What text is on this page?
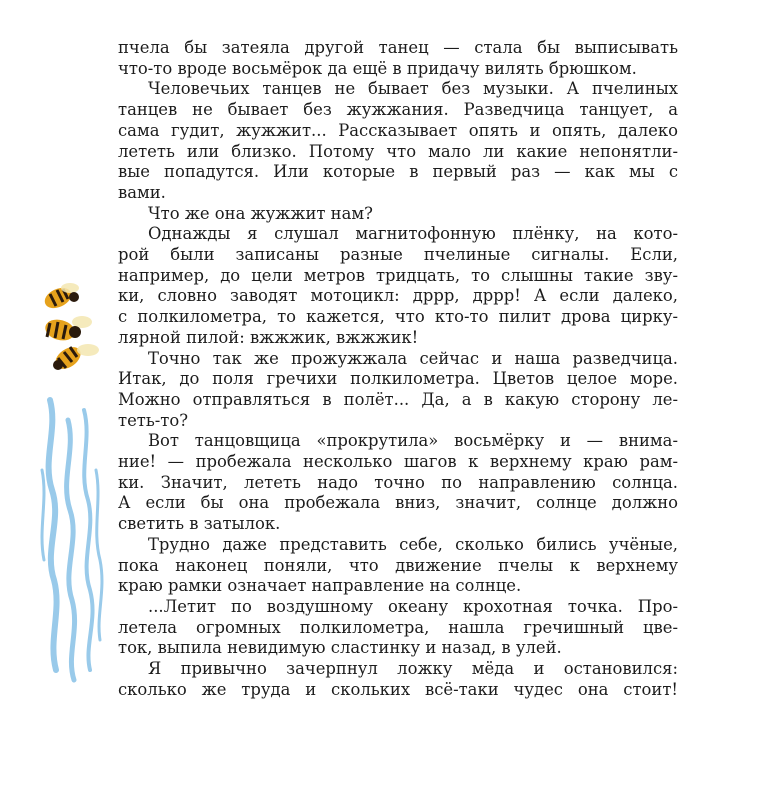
пчела бы затеяла другой танец — стала бы выписывать
что-то вроде восьмёрок да ещё в придачу вилять брюшком.
Человечьих танцев не бывает без музыки. А пчелиных
танцев не бывает без жужжания. Разведчица танцует, а
сама гудит, жужжит... Рассказывает опять и опять, далеко
лететь или близко. Потому что мало ли какие непонятли-
вые попадутся. Или которые в первый раз — как мы с
вами.
Что же она жужжит нам?
Однажды я слушал магнитофонную плёнку, на кото-
рой были записаны разные пчелиные сигналы. Если,
например, до цели метров тридцать, то слышны такие зву-
ки, словно заводят мотоцикл: дррр, дррр! А если далеко,
с полкилометра, то кажется, что кто-то пилит дрова цирку-
лярной пилой: вжжжик, вжжжик!
Точно так же прожужжала сейчас и наша разведчица.
Итак, до поля гречихи полкилометра. Цветов целое море.
Можно отправляться в полёт... Да, а в какую сторону ле-
теть-то?
Вот танцовщица «прокрутила» восьмёрку и — внима-
ние! — пробежала несколько шагов к верхнему краю рам-
ки. Значит, лететь надо точно по направлению солнца.
А если бы она пробежала вниз, значит, солнце должно
светить в затылок.
Трудно даже представить себе, сколько бились учёные,
пока наконец поняли, что движение пчелы к верхнему
краю рамки означает направление на солнце.
...Летит по воздушному океану крохотная точка. Про-
летела огромных полкилометра, нашла гречишный цве-
ток, выпила невидимую сластинку и назад, в улей.
Я привычно зачерпнул ложку мёда и остановился:
сколько же труда и скольких всё-таки чудес она стоит!
